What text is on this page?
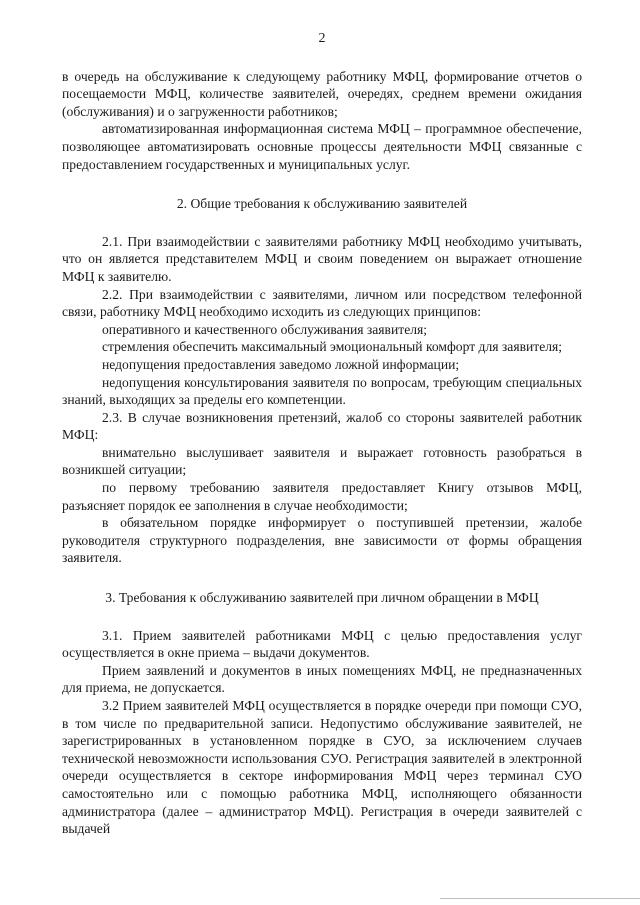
2

в очередь на обслуживание к следующему работнику МФЦ, формирование отчетов о посещаемости МФЦ, количестве заявителей, очередях, среднем времени ожидания (обслуживания) и о загруженности работников;

автоматизированная информационная система МФЦ – программное обеспечение, позволяющее автоматизировать основные процессы деятельности МФЦ связанные с предоставлением государственных и муниципальных услуг.

2. Общие требования к обслуживанию заявителей

2.1. При взаимодействии с заявителями работнику МФЦ необходимо учитывать, что он является представителем МФЦ и своим поведением он выражает отношение МФЦ к заявителю.

2.2. При взаимодействии с заявителями, личном или посредством телефонной связи, работнику МФЦ необходимо исходить из следующих принципов:

оперативного и качественного обслуживания заявителя;

стремления обеспечить максимальный эмоциональный комфорт для заявителя;

недопущения предоставления заведомо ложной информации;

недопущения консультирования заявителя по вопросам, требующим специальных знаний, выходящих за пределы его компетенции.

2.3. В случае возникновения претензий, жалоб со стороны заявителей работник МФЦ:

внимательно выслушивает заявителя и выражает готовность разобраться в возникшей ситуации;

по первому требованию заявителя предоставляет Книгу отзывов МФЦ, разъясняет порядок ее заполнения в случае необходимости;

в обязательном порядке информирует о поступившей претензии, жалобе руководителя структурного подразделения, вне зависимости от формы обращения заявителя.

3. Требования к обслуживанию заявителей при личном обращении в МФЦ

3.1. Прием заявителей работниками МФЦ с целью предоставления услуг осуществляется в окне приема – выдачи документов.

Прием заявлений и документов в иных помещениях МФЦ, не предназначенных для приема, не допускается.

3.2 Прием заявителей МФЦ осуществляется в порядке очереди при помощи СУО, в том числе по предварительной записи. Недопустимо обслуживание заявителей, не зарегистрированных в установленном порядке в СУО, за исключением случаев технической невозможности использования СУО. Регистрация заявителей в электронной очереди осуществляется в секторе информирования МФЦ через терминал СУО самостоятельно или с помощью работника МФЦ, исполняющего обязанности администратора (далее – администратор МФЦ). Регистрация в очереди заявителей с выдачей
